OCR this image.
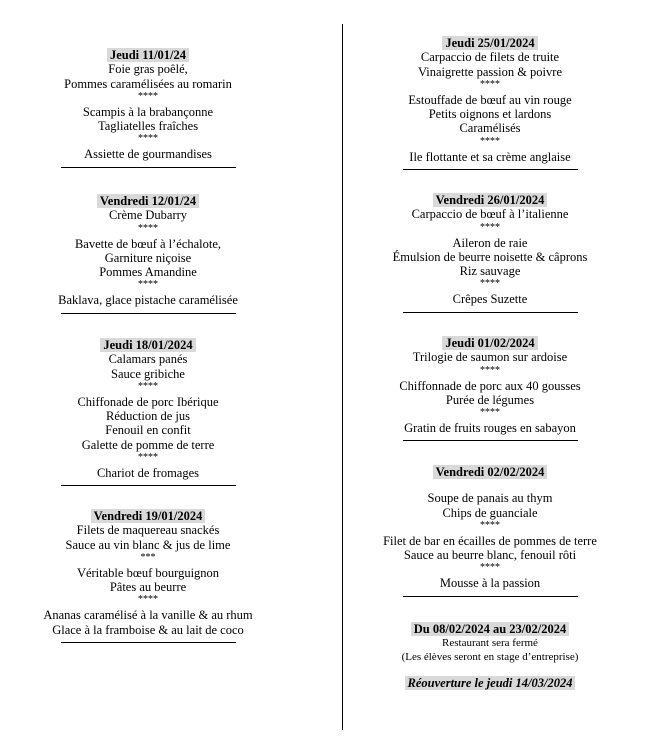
Jeudi 11/01/24

Foie gras poêlé,
Pommes caramélisées au romarin
****
Scampis à la brabançonne
Tagliatelles fraîches
****
Assiette de gourmandises
Vendredi 12/01/24

Crème Dubarry
****
Bavette de bœuf à l’échalote,
Garniture niçoise
Pommes Amandine
****
Baklava, glace pistache caramélisée
Jeudi 18/01/2024

Calamars panés
Sauce gribiche
****
Chiffonade de porc Ibérique
Réduction de jus
Fenouil en confit
Galette de pomme de terre
****
Chariot de fromages
Vendredi 19/01/2024

Filets de maquereau snackés
Sauce au vin blanc & jus de lime
***
Véritable bœuf bourguignon
Pâtes au beurre
****
Ananas caramélisé à la vanille & au rhum
Glace à la framboise & au lait de coco
Jeudi 25/01/2024

Carpaccio de filets de truite
Vinaigrette passion & poivre
****
Estouffade de bœuf au vin rouge
Petits oignons et lardons
Caramélisés
****
Ile flottante et sa crème anglaise
Vendredi 26/01/2024

Carpaccio de bœuf à l’italienne
****
Aileron de raie
Émulsion de beurre noisette & câprons
Riz sauvage
****
Crêpes Suzette
Jeudi 01/02/2024

Trilogie de saumon sur ardoise
****
Chiffonnade de porc aux 40 gousses
Purée de légumes
****
Gratin de fruits rouges en sabayon
Vendredi 02/02/2024

Soupe de panais au thym
Chips de guanciale
****
Filet de bar en écailles de pommes de terre
Sauce au beurre blanc, fenouil rôti
****
Mousse à la passion
Du 08/02/2024 au 23/02/2024
Restaurant sera fermé
(Les élèves seront en stage d’entreprise)
Réouverture le jeudi 14/03/2024
